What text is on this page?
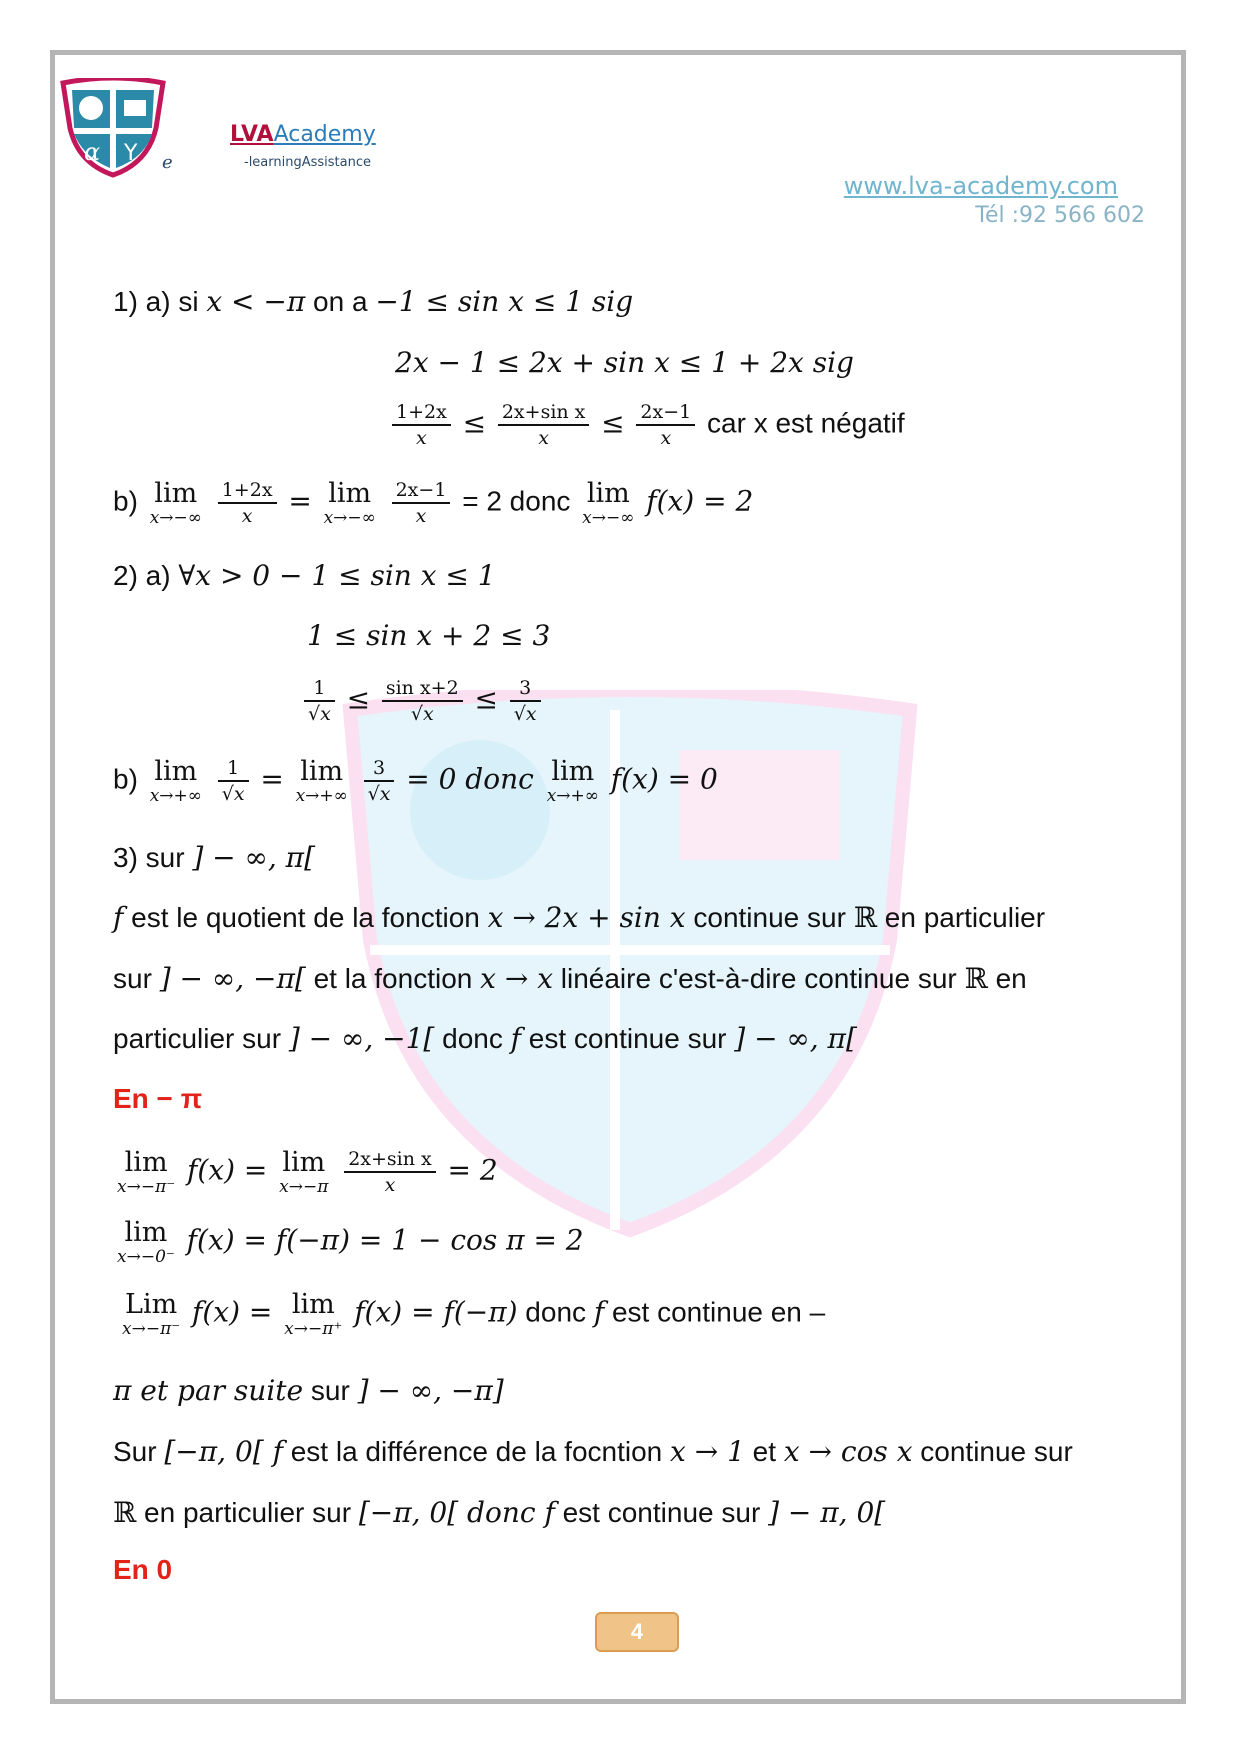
α Y e
LVAAcademy
-learningAssistance
www.lva-academy.com
Tél :92 566 602
1) a) si x < −π on a −1 ≤ sin x ≤ 1 sig
2x − 1 ≤ 2x + sin x ≤ 1 + 2x sig
$\frac{1+2x}{x} \le \frac{\text{2x+sin x}}{x} \le \frac{2x-1}{x}$ car x est négatif
b) lim
x→−∞
$\frac{1+2x}{x} = \lim$
x→−∞
$\frac{2x-1}{x} = 2$ donc lim
x→−∞
f(x) = 2
2) a) ∀x > 0 − 1 ≤ sin x ≤ 1
1 ≤ sin x + 2 ≤ 3
$\frac{1}{√x} \le \frac{\text{sin x+2}}{√x} \le \frac{3}{√x}$
b) lim
x→+∞
$\frac{1}{√x} = \lim$
x→+∞
$\frac{3}{√x} = 0$ donc lim
x→+∞
f(x) = 0
3) sur ] − ∞, π[
f est le quotient de la fonction x → 2x + sin x continue sur ℝ en particulier
sur ] − ∞, −π[ et la fonction x → x linéaire c'est-à-dire continue sur ℝ en
particulier sur ] − ∞, −1[ donc f est continue sur ] − ∞, π[
En − π
lim
x→−π⁻
f(x) = lim
x→−π
$\frac{\text{2x+sin x}}{x} = 2$
lim
x→−0⁻
f(x) = f(−π) = 1 − cos π = 2
Lim
x→−π⁻
f(x) = lim
x→−π⁺
f(x) = f(−π) donc f est continue en –
π et par suite sur ] − ∞, −π]
Sur [−π, 0[ f est la différence de la focntion x → 1 et x → cos x continue sur
ℝ en particulier sur [−π, 0[ donc f est continue sur ] − π, 0[
En 0
4
